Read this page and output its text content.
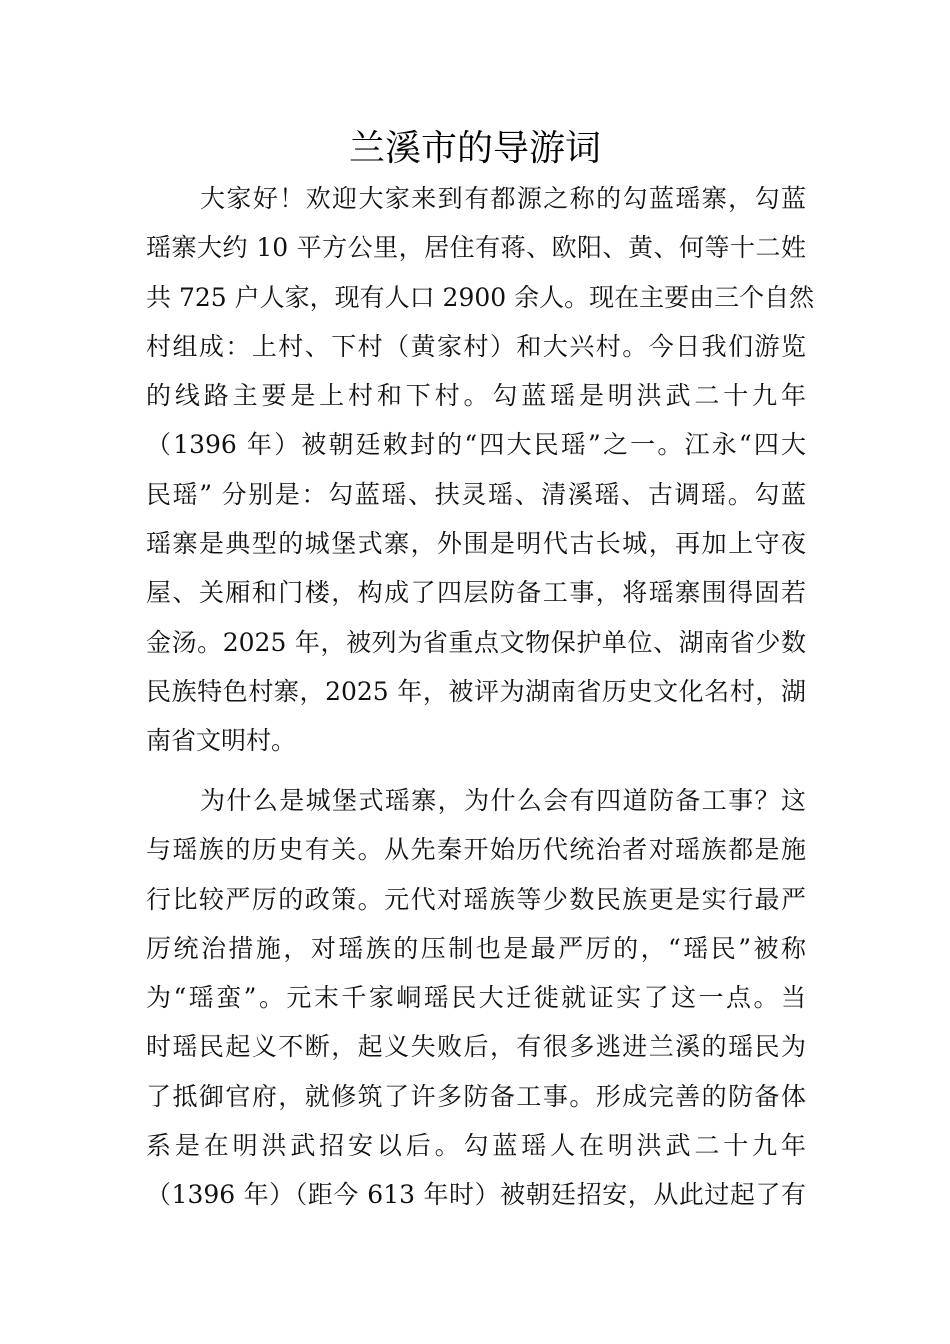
兰溪市的导游词
大家好！欢迎大家来到有都源之称的勾蓝瑶寨，勾蓝
瑶寨大约 10 平方公里，居住有蒋、欧阳、黄、何等十二姓
共 725 户人家，现有人口 2900 余人。现在主要由三个自然
村组成：上村、下村（黄家村）和大兴村。今日我们游览
的线路主要是上村和下村。勾蓝瑶是明洪武二十九年
（1396 年）被朝廷敕封的“四大民瑶”之一。江永“四大
民瑶” 分别是：勾蓝瑶、扶灵瑶、清溪瑶、古调瑶。勾蓝
瑶寨是典型的城堡式寨，外围是明代古长城，再加上守夜
屋、关厢和门楼，构成了四层防备工事，将瑶寨围得固若
金汤。2025 年，被列为省重点文物保护单位、湖南省少数
民族特色村寨，2025 年，被评为湖南省历史文化名村，湖
南省文明村。
为什么是城堡式瑶寨，为什么会有四道防备工事？这
与瑶族的历史有关。从先秦开始历代统治者对瑶族都是施
行比较严厉的政策。元代对瑶族等少数民族更是实行最严
厉统治措施，对瑶族的压制也是最严厉的，“瑶民”被称
为“瑶蛮”。元末千家峒瑶民大迁徙就证实了这一点。当
时瑶民起义不断，起义失败后，有很多逃进兰溪的瑶民为
了抵御官府，就修筑了许多防备工事。形成完善的防备体
系是在明洪武招安以后。勾蓝瑶人在明洪武二十九年
（1396 年）（距今 613 年时）被朝廷招安，从此过起了有
